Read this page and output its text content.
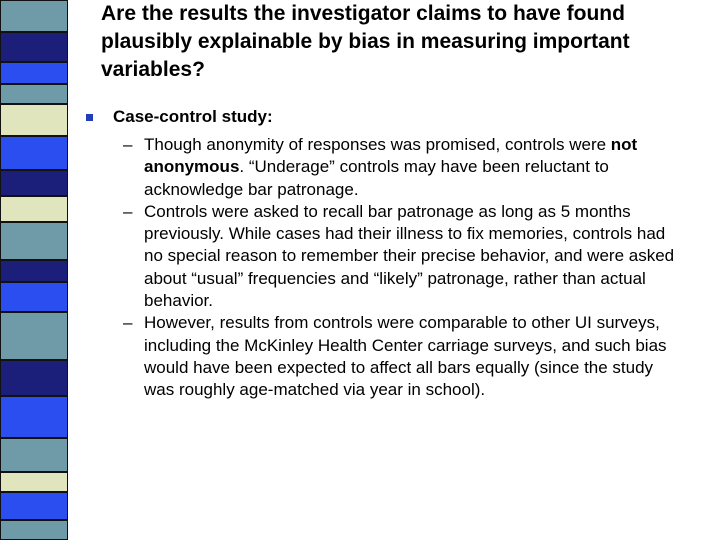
Are the results the investigator claims to have found plausibly explainable by bias in measuring important variables?
Case-control study:
– Though anonymity of responses was promised, controls were not anonymous. “Underage” controls may have been reluctant to acknowledge bar patronage.
– Controls were asked to recall bar patronage as long as 5 months previously. While cases had their illness to fix memories, controls had no special reason to remember their precise behavior, and were asked about “usual” frequencies and “likely” patronage, rather than actual behavior.
– However, results from controls were comparable to other UI surveys, including the McKinley Health Center carriage surveys, and such bias would have been expected to affect all bars equally (since the study was roughly age-matched via year in school).
